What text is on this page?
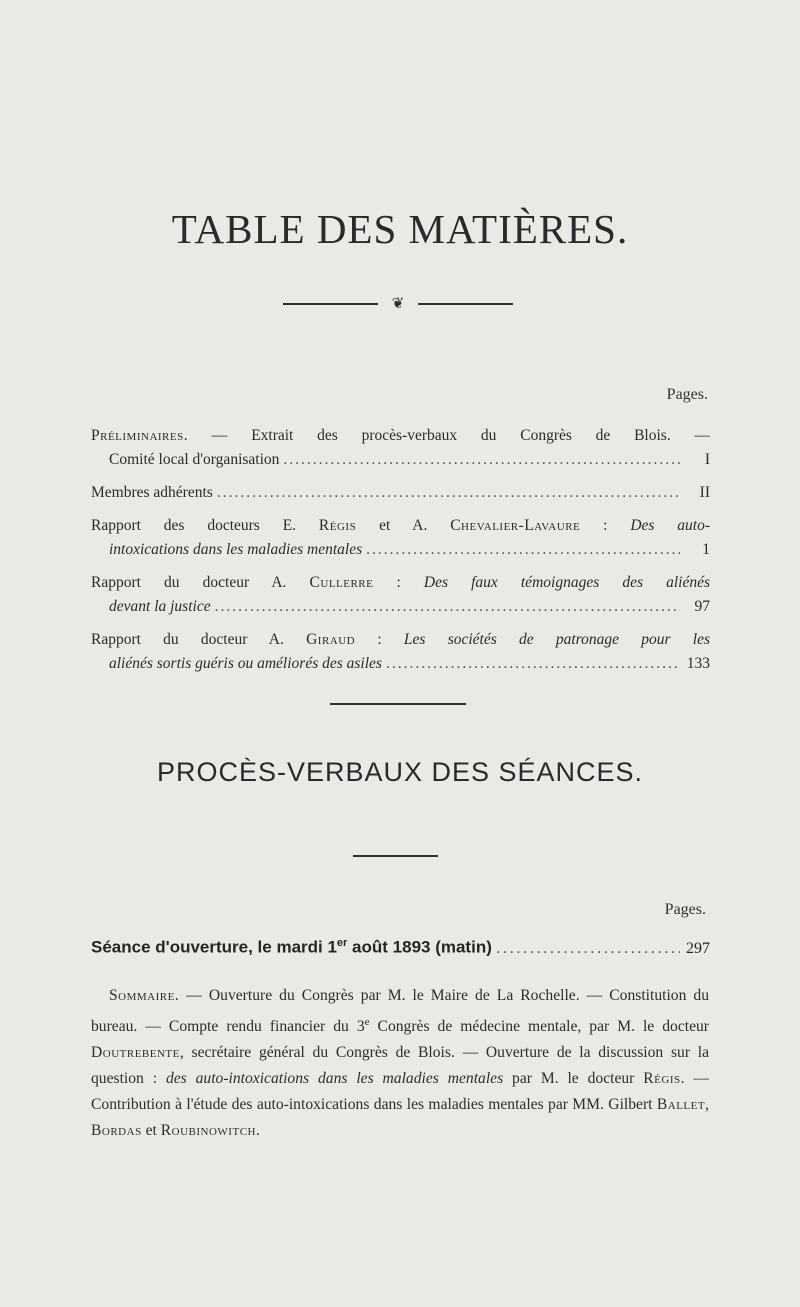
TABLE DES MATIÈRES.
❦
Pages.
Préliminaires. — Extrait des procès-verbaux du Congrès de Blois. —
Comité local d'organisation .....	I
Membres adhérents .....	II
Rapport des docteurs E. Régis et A. Chevalier-Lavaure : Des auto-
intoxications dans les maladies mentales .....	1
Rapport du docteur A. Cullerre : Des faux témoignages des aliénés
devant la justice .....	97
Rapport du docteur A. Giraud : Les sociétés de patronage pour les
aliénés sortis guéris ou améliorés des asiles .....	133
PROCÈS-VERBAUX DES SÉANCES.
Pages.
Séance d'ouverture, le mardi 1er août 1893 (matin) .....	297
Sommaire. — Ouverture du Congrès par M. le Maire de La Rochelle. — Constitution du bureau. — Compte rendu financier du 3e Congrès de médecine mentale, par M. le docteur Doutrebente, secrétaire général du Congrès de Blois. — Ouverture de la discussion sur la question : des auto-intoxications dans les maladies mentales par M. le docteur Régis. — Contribution à l'étude des auto-intoxications dans les maladies mentales par MM. Gilbert Ballet, Bordas et Roubinowitch.
